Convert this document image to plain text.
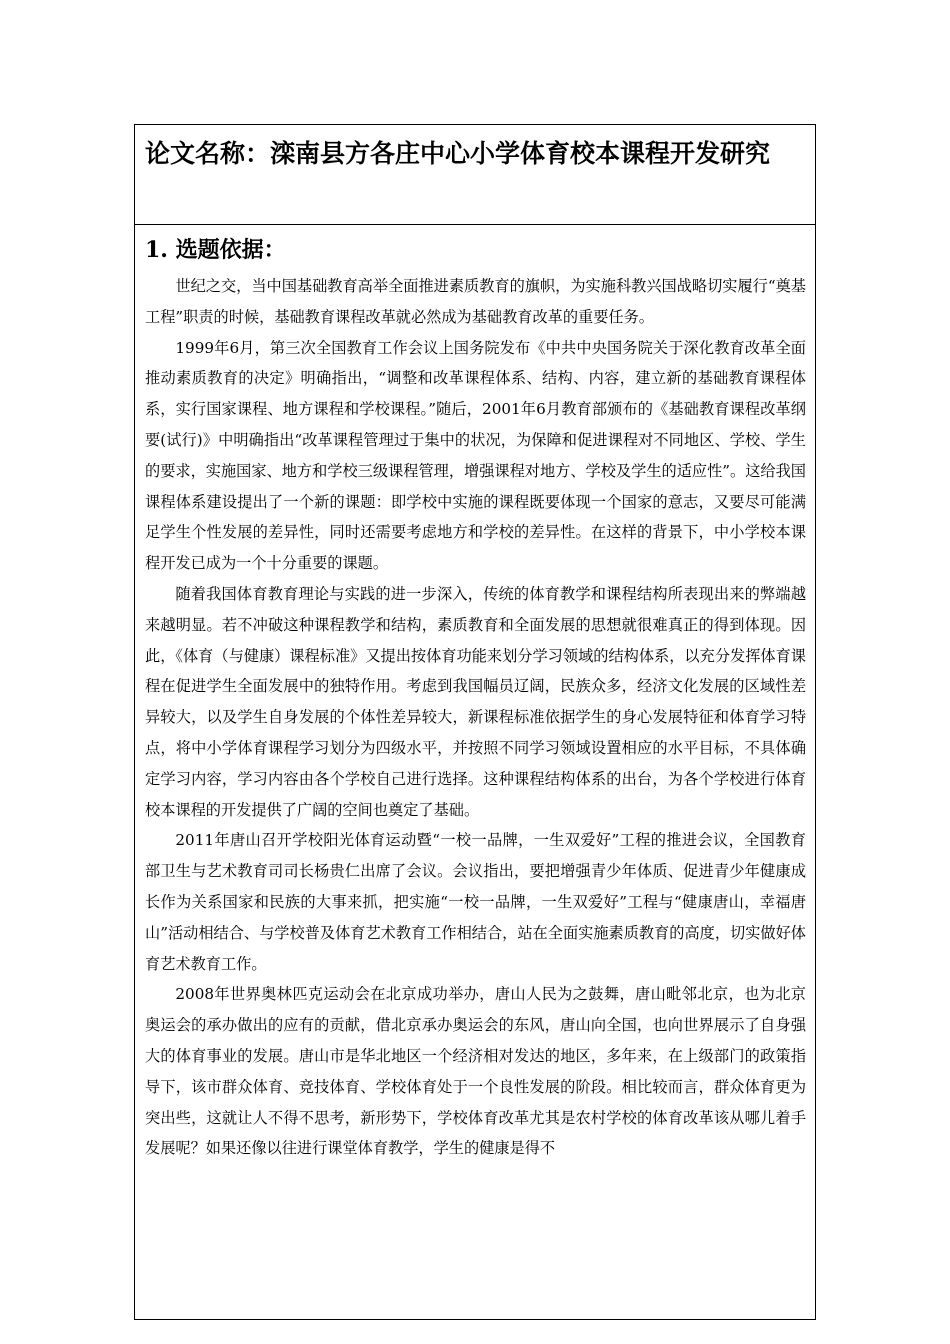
论文名称：滦南县方各庄中心小学体育校本课程开发研究
1. 选题依据：

世纪之交，当中国基础教育高举全面推进素质教育的旗帜，为实施科教兴国战略切实履行“奠基工程”职责的时候，基础教育课程改革就必然成为基础教育改革的重要任务。

1999年6月，第三次全国教育工作会议上国务院发布《中共中央国务院关于深化教育改革全面推动素质教育的决定》明确指出，“调整和改革课程体系、结构、内容，建立新的基础教育课程体系，实行国家课程、地方课程和学校课程。”随后，2001年6月教育部颁布的《基础教育课程改革纲要(试行)》中明确指出“改革课程管理过于集中的状况，为保障和促进课程对不同地区、学校、学生的要求，实施国家、地方和学校三级课程管理，增强课程对地方、学校及学生的适应性”。这给我国课程体系建设提出了一个新的课题：即学校中实施的课程既要体现一个国家的意志，又要尽可能满足学生个性发展的差异性，同时还需要考虑地方和学校的差异性。在这样的背景下，中小学校本课程开发已成为一个十分重要的课题。

随着我国体育教育理论与实践的进一步深入，传统的体育教学和课程结构所表现出来的弊端越来越明显。若不冲破这种课程教学和结构，素质教育和全面发展的思想就很难真正的得到体现。因此，《体育（与健康）课程标准》又提出按体育功能来划分学习领域的结构体系，以充分发挥体育课程在促进学生全面发展中的独特作用。考虑到我国幅员辽阔，民族众多，经济文化发展的区域性差异较大，以及学生自身发展的个体性差异较大，新课程标准依据学生的身心发展特征和体育学习特点，将中小学体育课程学习划分为四级水平，并按照不同学习领域设置相应的水平目标，不具体确定学习内容，学习内容由各个学校自己进行选择。这种课程结构体系的出台，为各个学校进行体育校本课程的开发提供了广阔的空间也奠定了基础。

2011年唐山召开学校阳光体育运动暨“一校一品牌，一生双爱好”工程的推进会议，全国教育部卫生与艺术教育司司长杨贵仁出席了会议。会议指出，要把增强青少年体质、促进青少年健康成长作为关系国家和民族的大事来抓，把实施“一校一品牌，一生双爱好”工程与“健康唐山，幸福唐山”活动相结合、与学校普及体育艺术教育工作相结合，站在全面实施素质教育的高度，切实做好体育艺术教育工作。

2008年世界奥林匹克运动会在北京成功举办，唐山人民为之鼓舞，唐山毗邻北京，也为北京奥运会的承办做出的应有的贡献，借北京承办奥运会的东风，唐山向全国，也向世界展示了自身强大的体育事业的发展。唐山市是华北地区一个经济相对发达的地区，多年来，在上级部门的政策指导下，该市群众体育、竞技体育、学校体育处于一个良性发展的阶段。相比较而言，群众体育更为突出些，这就让人不得不思考，新形势下，学校体育改革尤其是农村学校的体育改革该从哪儿着手发展呢？如果还像以往进行课堂体育教学，学生的健康是得不
